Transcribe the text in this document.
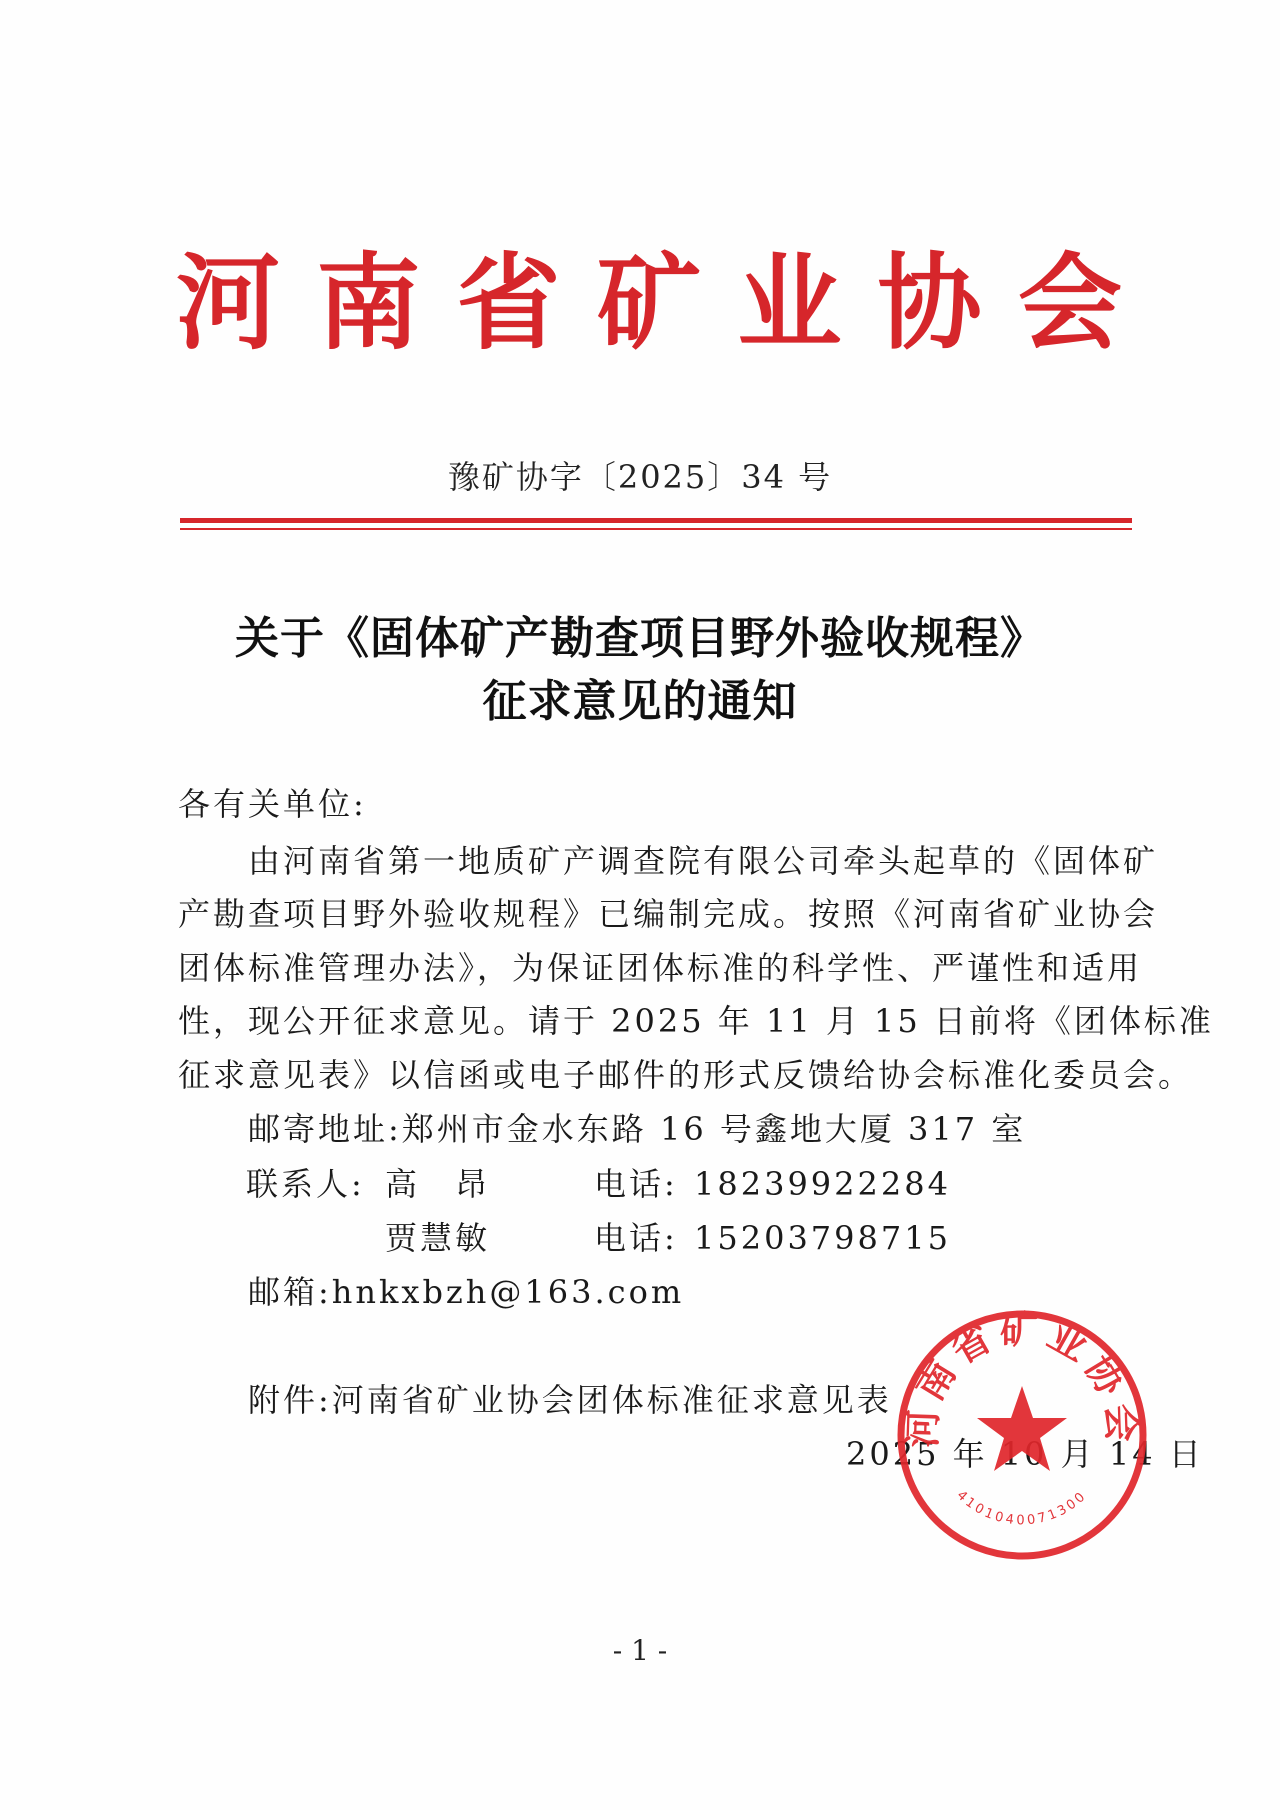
河 南 省 矿 业 协 会
豫矿协字〔2025〕34 号
关于《固体矿产勘查项目野外验收规程》
征求意见的通知
各有关单位:
　　由河南省第一地质矿产调查院有限公司牵头起草的《固体矿
产勘查项目野外验收规程》已编制完成。按照《河南省矿业协会
团体标准管理办法》，为保证团体标准的科学性、严谨性和适用
性，现公开征求意见。请于 2025 年 11 月 15 日前将《团体标准
征求意见表》以信函或电子邮件的形式反馈给协会标准化委员会。
　　邮寄地址:郑州市金水东路 16 号鑫地大厦 317 室
联系人: 高　昂	电话: 18239922284
贾慧敏	电话: 15203798715
　　邮箱:hnkxbzh@163.com
　　附件:河南省矿业协会团体标准征求意见表
2025 年 10 月 14 日
河南省矿业协会
4101040071300
- 1 -
